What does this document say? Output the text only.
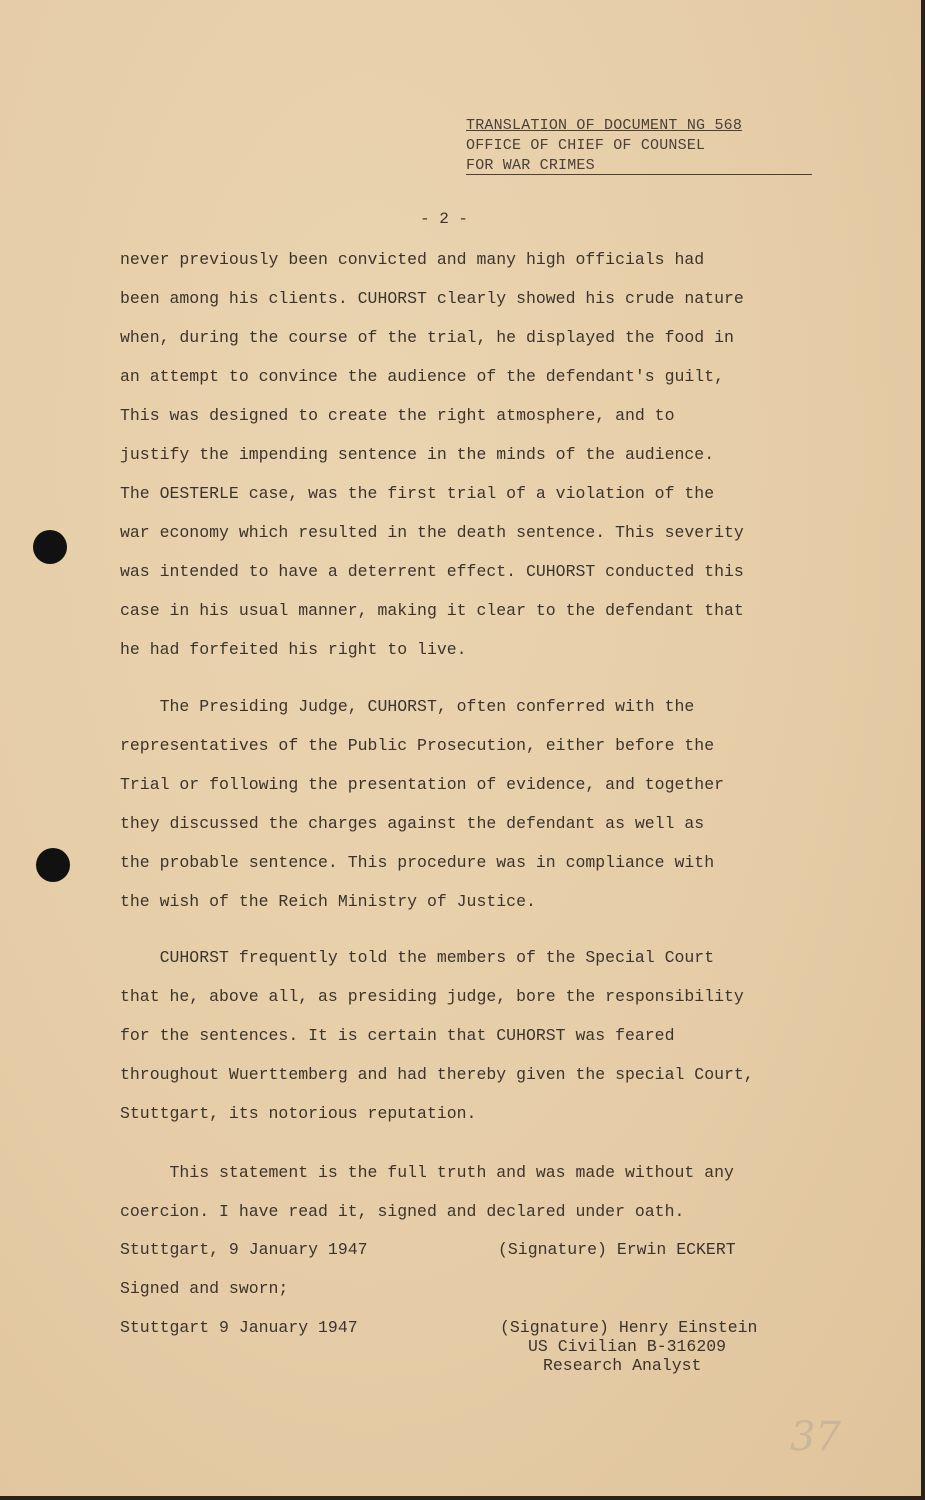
TRANSLATION OF DOCUMENT NG 568
OFFICE OF CHIEF OF COUNSEL
FOR WAR CRIMES
- 2 -
never previously been convicted and many high officials had
been among his clients. CUHORST clearly showed his crude nature
when, during the course of the trial, he displayed the food in
an attempt to convince the audience of the defendant's guilt,
This was designed to create the right atmosphere, and to
justify the impending sentence in the minds of the audience.
The OESTERLE case, was the first trial of a violation of the
war economy which resulted in the death sentence. This severity
was intended to have a deterrent effect. CUHORST conducted this
case in his usual manner, making it clear to the defendant that
he had forfeited his right to live.
The Presiding Judge, CUHORST, often conferred with the
representatives of the Public Prosecution, either before the
Trial or following the presentation of evidence, and together
they discussed the charges against the defendant as well as
the probable sentence. This procedure was in compliance with
the wish of the Reich Ministry of Justice.
CUHORST frequently told the members of the Special Court
that he, above all, as presiding judge, bore the responsibility
for the sentences. It is certain that CUHORST was feared
throughout Wuerttemberg and had thereby given the special Court,
Stuttgart, its notorious reputation.
This statement is the full truth and was made without any
coercion. I have read it, signed and declared under oath.
Stuttgart, 9 January 1947	(Signature) Erwin ECKERT
Signed and sworn;
Stuttgart 9 January 1947	(Signature) Henry Einstein
US Civilian B-316209
Research Analyst
37
